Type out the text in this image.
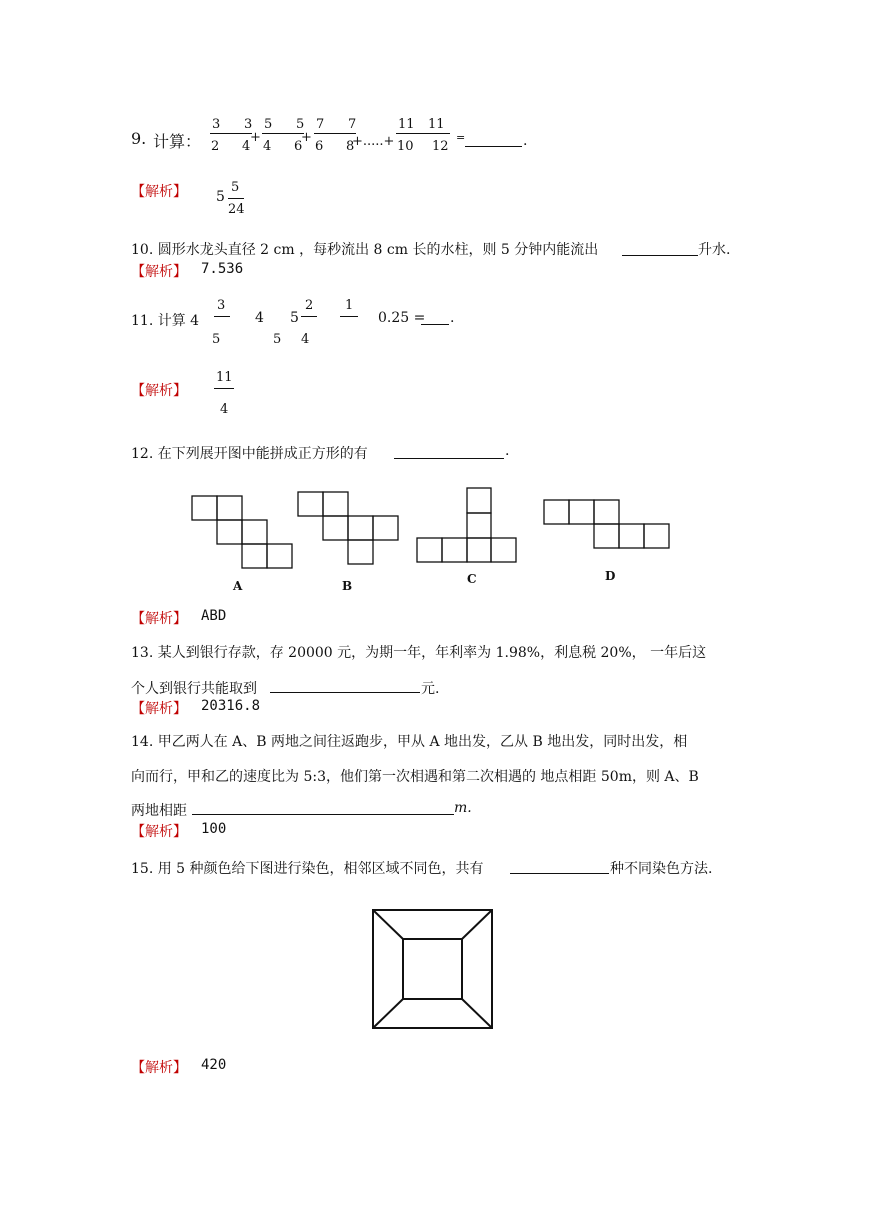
9. 计算：
3 3 5 5 7 7	11 11
2 4 4 6 6 8	10 12
+	+	+.....+	=	.
【解析】 5
5
24
10. 圆形水龙头直径 2 cm ，每秒流出 8 cm 长的水柱，则 5 分钟内能流出	升水.
【解析】 7.536
11. 计算 4
3
5
4 5
5
2
4
1
0.25 = .
【解析】
11
4
12. 在下列展开图中能拼成正方形的有	.
A	B	C	D
【解析】 ABD
13. 某人到银行存款，存 20000 元，为期一年，年利率为 1.98%，利息税 20%， 一年后这
个人到银行共能取到	元.
【解析】 20316.8
14. 甲乙两人在 A、B 两地之间往返跑步，甲从 A 地出发，乙从 B 地出发，同时出发，相
向而行，甲和乙的速度比为 5:3，他们第一次相遇和第二次相遇的 地点相距 50m，则 A、B
两地相距	m.
【解析】 100
15. 用 5 种颜色给下图进行染色，相邻区域不同色，共有	种不同染色方法.
【解析】 420
